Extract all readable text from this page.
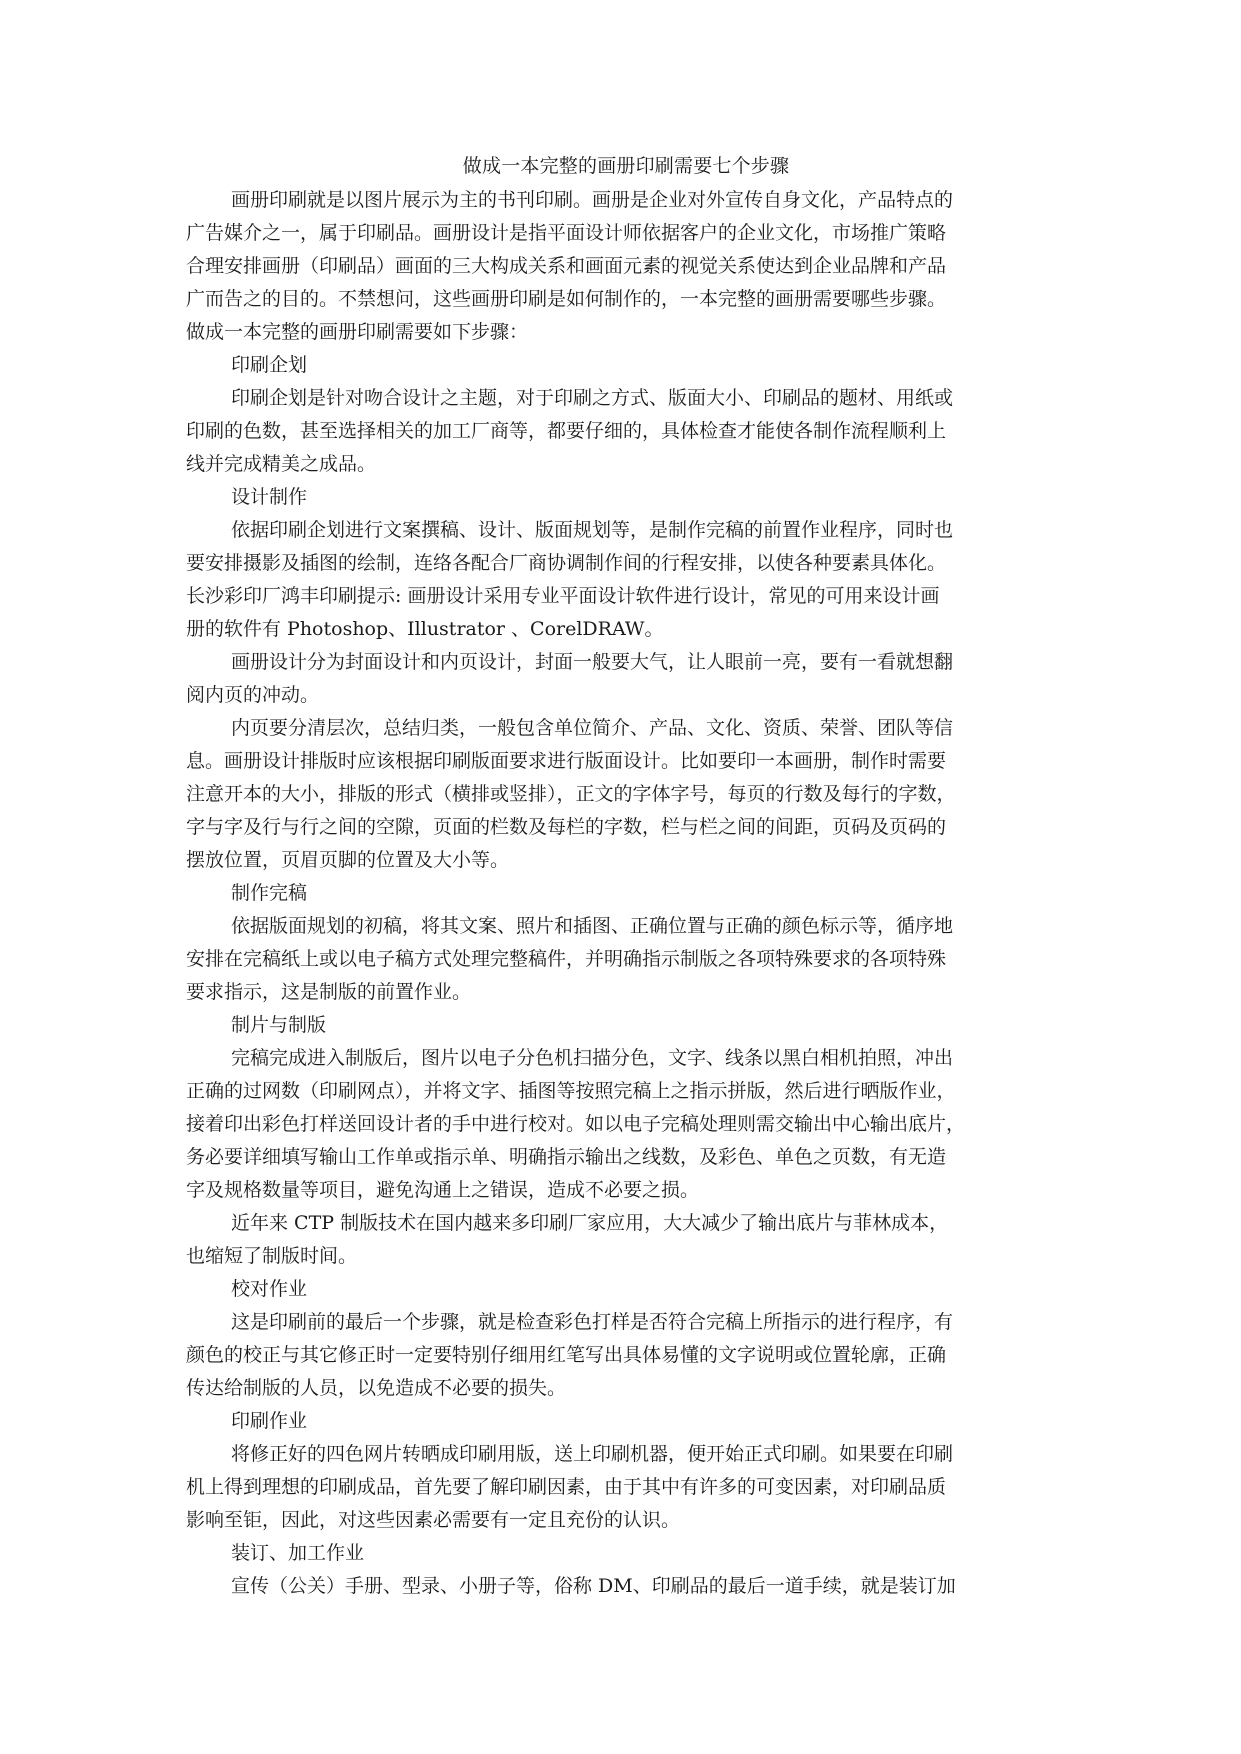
做成一本完整的画册印刷需要七个步骤
画册印刷就是以图片展示为主的书刊印刷。画册是企业对外宣传自身文化，产品特点的
广告媒介之一，属于印刷品。画册设计是指平面设计师依据客户的企业文化，市场推广策略
合理安排画册（印刷品）画面的三大构成关系和画面元素的视觉关系使达到企业品牌和产品
广而告之的目的。不禁想问，这些画册印刷是如何制作的，一本完整的画册需要哪些步骤。
做成一本完整的画册印刷需要如下步骤：
印刷企划
印刷企划是针对吻合设计之主题，对于印刷之方式、版面大小、印刷品的题材、用纸或
印刷的色数，甚至选择相关的加工厂商等，都要仔细的，具体检查才能使各制作流程顺利上
线并完成精美之成品。
设计制作
依据印刷企划进行文案撰稿、设计、版面规划等，是制作完稿的前置作业程序，同时也
要安排摄影及插图的绘制，连络各配合厂商协调制作间的行程安排，以使各种要素具体化。
长沙彩印厂鸿丰印刷提示: 画册设计采用专业平面设计软件进行设计，常见的可用来设计画
册的软件有 Photoshop、Illustrator 、CorelDRAW。
画册设计分为封面设计和内页设计，封面一般要大气，让人眼前一亮，要有一看就想翻
阅内页的冲动。
内页要分清层次，总结归类，一般包含单位简介、产品、文化、资质、荣誉、团队等信
息。画册设计排版时应该根据印刷版面要求进行版面设计。比如要印一本画册，制作时需要
注意开本的大小，排版的形式（横排或竖排），正文的字体字号，每页的行数及每行的字数，
字与字及行与行之间的空隙，页面的栏数及每栏的字数，栏与栏之间的间距，页码及页码的
摆放位置，页眉页脚的位置及大小等。
制作完稿
依据版面规划的初稿，将其文案、照片和插图、正确位置与正确的颜色标示等，循序地
安排在完稿纸上或以电子稿方式处理完整稿件，并明确指示制版之各项特殊要求的各项特殊
要求指示，这是制版的前置作业。
制片与制版
完稿完成进入制版后，图片以电子分色机扫描分色，文字、线条以黑白相机拍照，冲出
正确的过网数（印刷网点），并将文字、插图等按照完稿上之指示拼版，然后进行晒版作业，
接着印出彩色打样送回设计者的手中进行校对。如以电子完稿处理则需交输出中心输出底片，
务必要详细填写输山工作单或指示单、明确指示输出之线数，及彩色、单色之页数，有无造
字及规格数量等项目，避免沟通上之错误，造成不必要之损。
近年来 CTP 制版技术在国内越来多印刷厂家应用，大大减少了输出底片与菲林成本，
也缩短了制版时间。
校对作业
这是印刷前的最后一个步骤，就是检查彩色打样是否符合完稿上所指示的进行程序，有
颜色的校正与其它修正时一定要特别仔细用红笔写出具体易懂的文字说明或位置轮廓，正确
传达给制版的人员，以免造成不必要的损失。
印刷作业
将修正好的四色网片转晒成印刷用版，送上印刷机器，便开始正式印刷。如果要在印刷
机上得到理想的印刷成品，首先要了解印刷因素，由于其中有许多的可变因素，对印刷品质
影响至钜，因此，对这些因素必需要有一定且充份的认识。
装订、加工作业
宣传（公关）手册、型录、小册子等，俗称 DM、印刷品的最后一道手续，就是装订加
